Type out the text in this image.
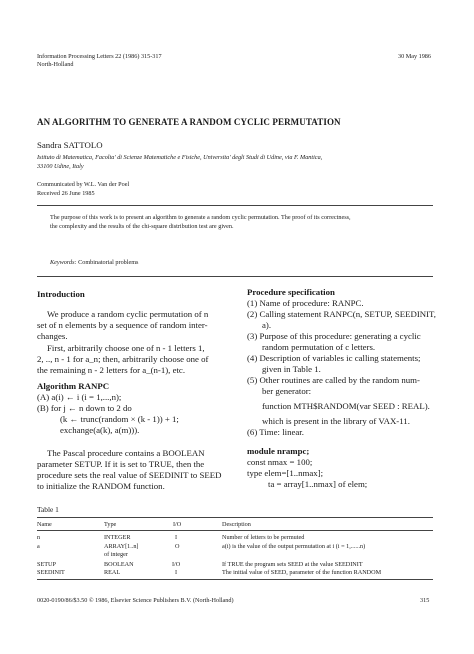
Information Processing Letters 22 (1986) 315-317
North-Holland
30 May 1986
AN ALGORITHM TO GENERATE A RANDOM CYCLIC PERMUTATION
Sandra SATTOLO
Istituto di Matematica, Facolta' di Scienze Matematiche e Fisiche, Universita' degli Studi di Udine, via F. Mantica,
33100 Udine, Italy
Communicated by W.L. Van der Poel
Received 26 June 1985
The purpose of this work is to present an algorithm to generate a random cyclic permutation. The proof of its correctness,
the complexity and the results of the chi-square distribution test are given.
Keywords: Combinatorial problems
Introduction
We produce a random cyclic permutation of n
set of n elements by a sequence of random inter-
changes.
First, arbitrarily choose one of n - 1 letters 1,
2, .., n - 1 for a_n; then, arbitrarily choose one of
the remaining n - 2 letters for a_(n-1), etc.
Algorithm RANPC
(A) a(i) ← i (i = 1,...,n);
(B) for j ← n down to 2 do
(k ← trunc(random × (k - 1)) + 1;
exchange(a(k), a(m))).
The Pascal procedure contains a BOOLEAN
parameter SETUP. If it is set to TRUE, then the
procedure sets the real value of SEEDINIT to SEED
to initialize the RANDOM function.
Procedure specification
(1) Name of procedure: RANPC.
(2) Calling statement RANPC(n, SETUP, SEEDINIT,
a).
(3) Purpose of this procedure: generating a cyclic
random permutation of c letters.
(4) Description of variables ic calling statements;
given in Table 1.
(5) Other routines are called by the random num-
ber generator:
function MTH$RANDOM(var SEED : REAL).
which is present in the library of VAX-11.
(6) Time: linear.
module nrampc;
const nmax = 100;
type elem=[1..nmax];
ta = array[1..nmax] of elem;
Table 1
Name	Type	I/O	Description
n	INTEGER	I	Number of letters to be permuted
a	ARRAY[1..n]	O	a(i) is the value of the output permutation at i (i = 1,......n)
of integer
SETUP	BOOLEAN	I/O	If TRUE the program sets SEED at the value SEEDINIT
SEEDINIT	REAL	I	The initial value of SEED, parameter of the function RANDOM
0020-0190/86/$3.50 © 1986, Elsevier Science Publishers B.V. (North-Holland)	315
